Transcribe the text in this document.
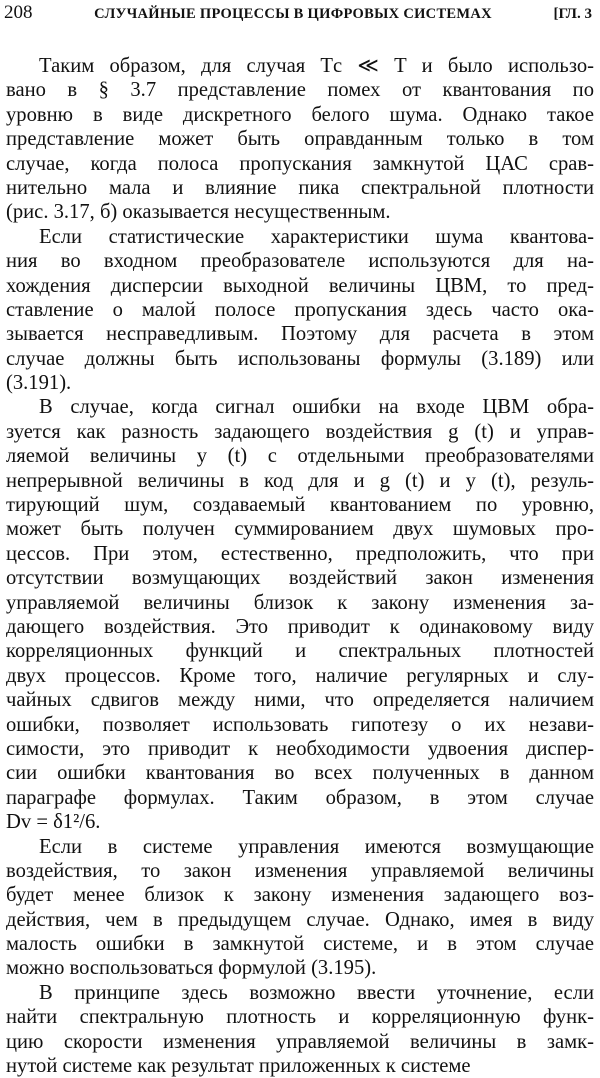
208	СЛУЧАЙНЫЕ ПРОЦЕССЫ В ЦИФРОВЫХ СИСТЕМАХ	[ГЛ. 3
Таким образом, для случая Tс ≪ T и было использо-
вано в § 3.7 представление помех от квантования по
уровню в виде дискретного белого шума. Однако такое
представление может быть оправданным только в том
случае, когда полоса пропускания замкнутой ЦАС срав-
нительно мала и влияние пика спектральной плотности
(рис. 3.17, б) оказывается несущественным.
Если статистические характеристики шума квантова-
ния во входном преобразователе используются для на-
хождения дисперсии выходной величины ЦВМ, то пред-
ставление о малой полосе пропускания здесь часто ока-
зывается несправедливым. Поэтому для расчета в этом
случае должны быть использованы формулы (3.189) или
(3.191).
В случае, когда сигнал ошибки на входе ЦВМ обра-
зуется как разность задающего воздействия g (t) и управ-
ляемой величины y (t) с отдельными преобразователями
непрерывной величины в код для и g (t) и y (t), резуль-
тирующий шум, создаваемый квантованием по уровню,
может быть получен суммированием двух шумовых про-
цессов. При этом, естественно, предположить, что при
отсутствии возмущающих воздействий закон изменения
управляемой величины близок к закону изменения за-
дающего воздействия. Это приводит к одинаковому виду
корреляционных функций и спектральных плотностей
двух процессов. Кроме того, наличие регулярных и слу-
чайных сдвигов между ними, что определяется наличием
ошибки, позволяет использовать гипотезу о их незави-
симости, это приводит к необходимости удвоения диспер-
сии ошибки квантования во всех полученных в данном
параграфе формулах. Таким образом, в этом случае
Dv = δ1²/6.
Если в системе управления имеются возмущающие
воздействия, то закон изменения управляемой величины
будет менее близок к закону изменения задающего воз-
действия, чем в предыдущем случае. Однако, имея в виду
малость ошибки в замкнутой системе, и в этом случае
можно воспользоваться формулой (3.195).
В принципе здесь возможно ввести уточнение, если
найти спектральную плотность и корреляционную функ-
цию скорости изменения управляемой величины в замк-
нутой системе как результат приложенных к системе
